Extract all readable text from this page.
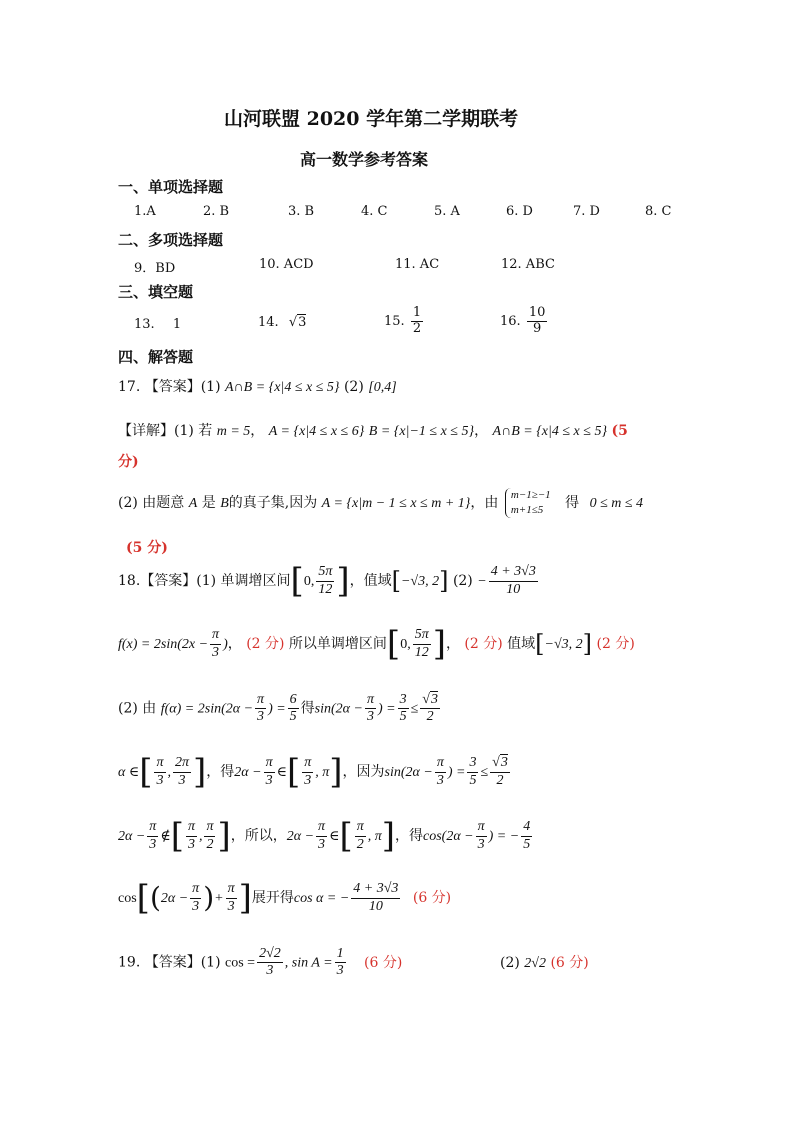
山河联盟 2020 学年第二学期联考
高一数学参考答案
一、单项选择题
1.A	2. B	3. B	4. C	5. A	6. D	7. D	8. C
二、多项选择题
9．BD	10. ACD	11. AC	12. ABC
三、填空题
13. 1	14. √3	15. $\frac{1}{2}$	16. $\frac{10}{9}$
四、解答题
17. 【答案】(1) A∩B = {x|4 ≤ x ≤ 5} (2) [0,4]
【详解】(1) 若 m = 5， A = {x|4 ≤ x ≤ 6} B = {x|−1 ≤ x ≤ 5}， A∩B = {x|4 ≤ x ≤ 5} (5
分)
(2) 由题意 A 是 B的真子集,因为 A = {x|m − 1 ≤ x ≤ m + 1}，由 m−1≥−1
m+1≤5	得 0 ≤ m ≤ 4
(5 分)
18.【答案】(1) 单调增区间[0, $\frac{5\pi}{12}$ ]，值域[−√3, 2] $(2) - \frac{4 + 3√3}{10}$
$f(x) = 2\sin(2x - \frac{\pi}{3}$ )， (2 分) 所以单调增区间[0, $\frac{5\pi}{12}$ ]， (2 分) 值域[−√3, 2] (2 分)
(2) 由 $f(\alpha) = 2\sin(2\alpha - \frac{\pi}{3}$ ) = $\frac{6}{5}$ 得$\sin(2\alpha - \frac{\pi}{3}$ ) = $\frac{3}{5} \le \frac{√3}{2}$
α ∈[ $\frac{\pi}{3}$ , $\frac{2\pi}{3}$ ]，得$2\alpha - \frac{\pi}{3}$ ∈[ $\frac{\pi}{3}$ , π]，因为$\sin(2\alpha - \frac{\pi}{3}$ ) = $\frac{3}{5} \le \frac{√3}{2}$
$2\alpha - \frac{\pi}{3}$ ∉[ $\frac{\pi}{3}$ , $\frac{\pi}{2}$ ]，所以，$2\alpha - \frac{\pi}{3}$ ∈[ $\frac{\pi}{2}$ , π]，得$\cos(2\alpha - \frac{\pi}{3}$ ) = − $\frac{4}{5}$
$\cos[(2\alpha - \frac{\pi}{3}$ )+ $\frac{\pi}{3}$ ]展开得cos α = − $\frac{4 + 3√3}{10} (6$ 分)
19. 【答案】(1) $\cos = \frac{2√2}{3}$ , $\sin A = \frac{1}{3} (6$ 分)	(2) 2√2 (6 分)
